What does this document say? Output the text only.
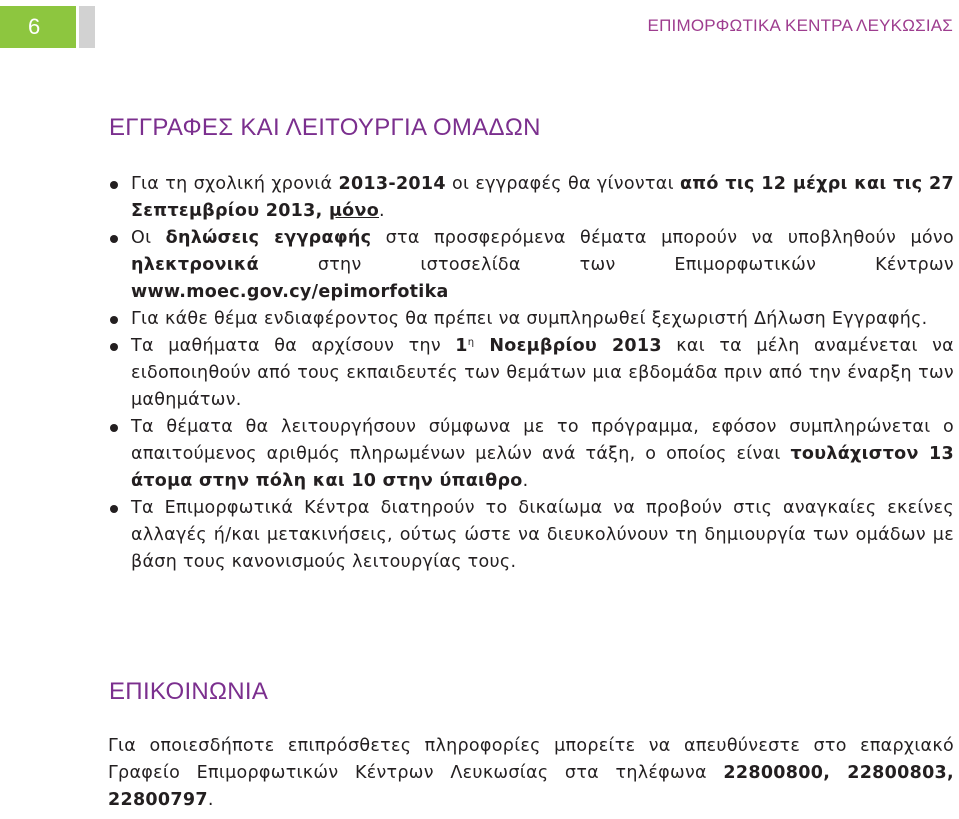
6	ΕΠΙΜΟΡΦΩΤΙΚΑ ΚΕΝΤΡΑ ΛΕΥΚΩΣΙΑΣ
ΕΓΓΡΑΦΕΣ ΚΑΙ ΛΕΙΤΟΥΡΓΙΑ ΟΜΑΔΩΝ
Για τη σχολική χρονιά 2013-2014 οι εγγραφές θα γίνονται από τις 12 μέχρι και τις 27 Σεπτεμβρίου 2013, μόνο.
Οι δηλώσεις εγγραφής στα προσφερόμενα θέματα μπορούν να υποβληθούν μόνο ηλεκτρονικά στην ιστοσελίδα των Επιμορφωτικών Κέντρων www.moec.gov.cy/epimorfotika
Για κάθε θέμα ενδιαφέροντος θα πρέπει να συμπληρωθεί ξεχωριστή Δήλωση Εγγραφής.
Τα μαθήματα θα αρχίσουν την $1^\eta$ Νοεμβρίου 2013 και τα μέλη αναμένεται να ειδοποιηθούν από τους εκπαιδευτές των θεμάτων μια εβδομάδα πριν από την έναρξη των μαθημάτων.
Τα θέματα θα λειτουργήσουν σύμφωνα με το πρόγραμμα, εφόσον συμπληρώνεται ο απαιτούμενος αριθμός πληρωμένων μελών ανά τάξη, ο οποίος είναι τουλάχιστον 13 άτομα στην πόλη και 10 στην ύπαιθρο.
Τα Επιμορφωτικά Κέντρα διατηρούν το δικαίωμα να προβούν στις αναγκαίες εκείνες αλλαγές ή/και μετακινήσεις, ούτως ώστε να διευκολύνουν τη δημιουργία των ομάδων με βάση τους κανονισμούς λειτουργίας τους.
ΕΠΙΚΟΙΝΩΝΙΑ

Για οποιεσδήποτε επιπρόσθετες πληροφορίες μπορείτε να απευθύνεστε στο επαρχιακό Γραφείο Επιμορφωτικών Κέντρων Λευκωσίας στα τηλέφωνα 22800800, 22800803, 22800797.
